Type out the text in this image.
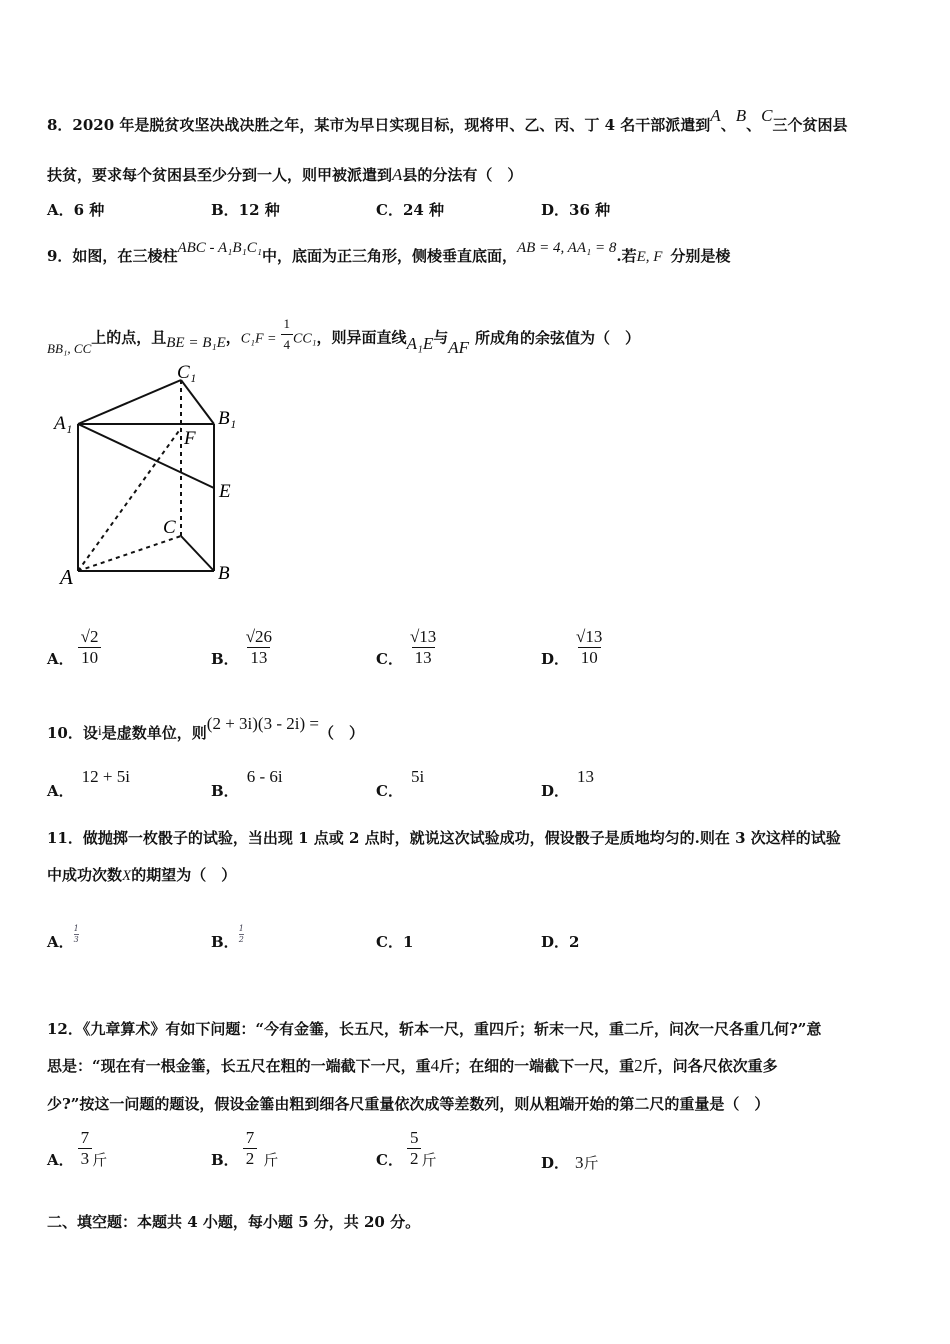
8．2020 年是脱贫攻坚决战决胜之年，某市为早日实现目标，现将甲、乙、丙、丁 4 名干部派遣到A、B、C三个贫困县
扶贫，要求每个贫困县至少分到一人，则甲被派遣到A县的分法有（　）
A．6 种	B．12 种	C．24 种	D．36 种
9．如图，在三棱柱ABC - A₁B₁C₁中，底面为正三角形，侧棱垂直底面，AB = 4, AA₁ = 8.若E, F 分别是棱
BB₁, CC上的点，且BE = B₁E，$C_1F = \frac{1}{4} CC_1$，则异面直线A₁E与AF 所成角的余弦值为（　）
C₁
A₁	B₁
F
E
C
A	B
A． $\frac{√2}{10}$	B． $\frac{√26}{13}$	C． $\frac{√13}{13}$	D． $\frac{√13}{10}$
10．设i是虚数单位，则(2 + 3i)(3 - 2i) =（　）
A．12 + 5i
B．6 - 6i
C．5i
D．13
11．做抛掷一枚骰子的试验，当出现 1 点或 2 点时，就说这次试验成功，假设骰子是质地均匀的.则在 3 次这样的试验
中成功次数X的期望为（　）
A． $\frac{1}{3}$	B． $\frac{1}{2}$	C．1	D．2
12．《九章算术》有如下问题：“今有金箠，长五尺，斩本一尺，重四斤；斩末一尺，重二斤，问次一尺各重几何?”意
思是：“现在有一根金箠，长五尺在粗的一端截下一尺，重4斤；在细的一端截下一尺，重2斤，问各尺依次重多
少?”按这一问题的题设，假设金箠由粗到细各尺重量依次成等差数列，则从粗端开始的第二尺的重量是（　）
A． $\frac{7}{3}$ 斤	B． $\frac{7}{2}$ 斤	C． $\frac{5}{2}$ 斤	D． 3斤
二、填空题：本题共 4 小题，每小题 5 分，共 20 分。
